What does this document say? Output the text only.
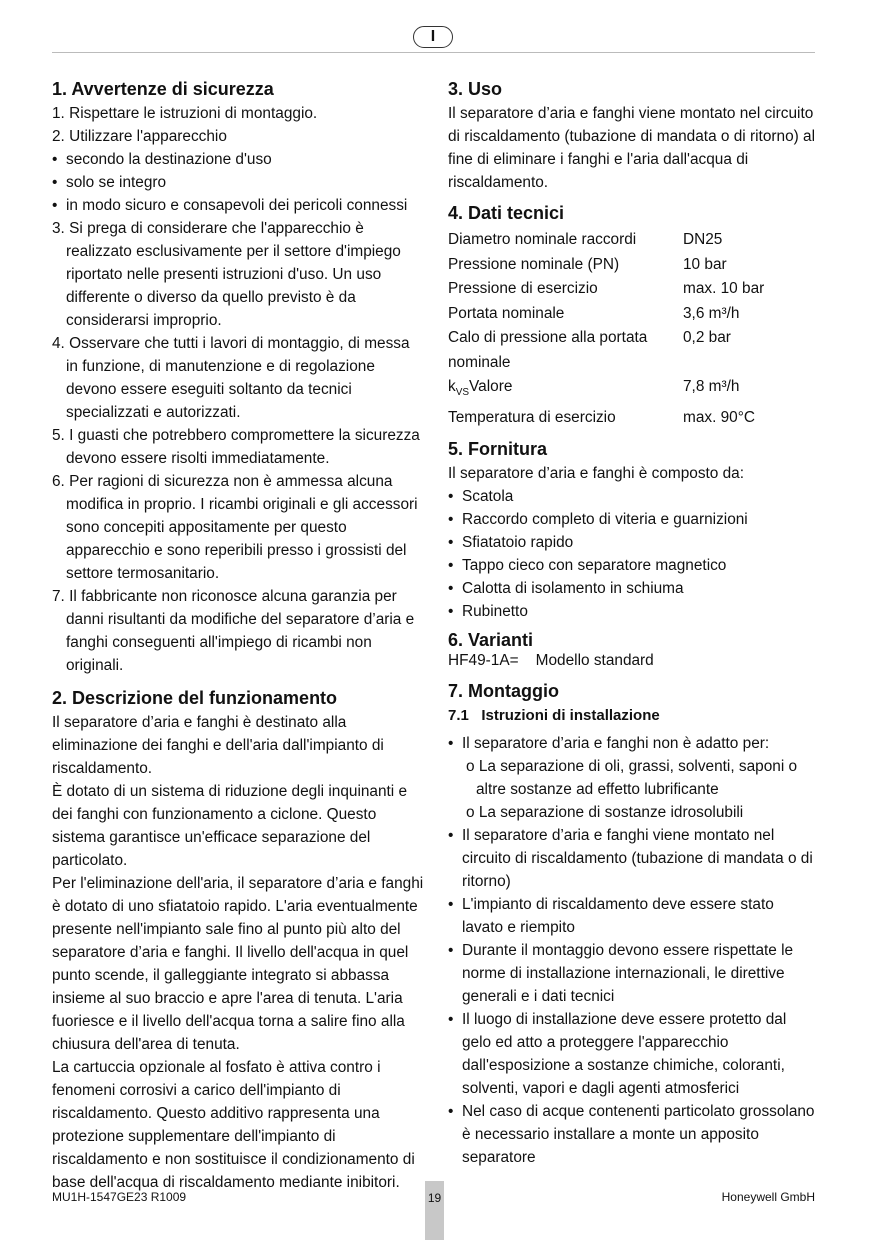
I
1. Avvertenze di sicurezza
1. Rispettare le istruzioni di montaggio.
2. Utilizzare l'apparecchio
• secondo la destinazione d'uso
• solo se integro
• in modo sicuro e consapevoli dei pericoli connessi
3. Si prega di considerare che l'apparecchio è realizzato esclusivamente per il settore d'impiego riportato nelle presenti istruzioni d'uso. Un uso differente o diverso da quello previsto è da considerarsi improprio.
4. Osservare che tutti i lavori di montaggio, di messa in funzione, di manutenzione e di regolazione devono essere eseguiti soltanto da tecnici specializzati e autorizzati.
5. I guasti che potrebbero compromettere la sicurezza devono essere risolti immediatamente.
6. Per ragioni di sicurezza non è ammessa alcuna modifica in proprio. I ricambi originali e gli accessori sono concepiti appositamente per questo apparecchio e sono reperibili presso i grossisti del settore termosanitario.
7. Il fabbricante non riconosce alcuna garanzia per danni risultanti da modifiche del separatore d’aria e fanghi conseguenti all'impiego di ricambi non originali.
2. Descrizione del funzionamento

Il separatore d’aria e fanghi è destinato alla eliminazione dei fanghi e dell'aria dall'impianto di riscaldamento.

È dotato di un sistema di riduzione degli inquinanti e dei fanghi con funzionamento a ciclone. Questo sistema garantisce un'efficace separazione del particolato.

Per l'eliminazione dell'aria, il separatore d’aria e fanghi è dotato di uno sfiatatoio rapido. L'aria eventualmente presente nell'impianto sale fino al punto più alto del separatore d’aria e fanghi. Il livello dell'acqua in quel punto scende, il galleggiante integrato si abbassa insieme al suo braccio e apre l'area di tenuta. L'aria fuoriesce e il livello dell'acqua torna a salire fino alla chiusura dell'area di tenuta.

La cartuccia opzionale al fosfato è attiva contro i fenomeni corrosivi a carico dell'impianto di riscaldamento. Questo additivo rappresenta una protezione supplementare dell'impianto di riscaldamento e non sostituisce il condizionamento di base dell'acqua di riscaldamento mediante inibitori.

3. Uso

Il separatore d’aria e fanghi viene montato nel circuito di riscaldamento (tubazione di mandata o di ritorno) al fine di eliminare i fanghi e l'aria dall'acqua di riscaldamento.

4. Dati tecnici
Diametro nominale raccordi	DN25
Pressione nominale (PN)	10 bar
Pressione di esercizio	max. 10 bar
Portata nominale	3,6 m³/h
Calo di pressione alla portata nominale	0,2 bar
$k_{VS}Valore$	7,8 m³/h
Temperatura di esercizio	max. 90°C
5. Fornitura

Il separatore d’aria e fanghi è composto da:

• Scatola
• Raccordo completo di viteria e guarnizioni
• Sfiatatoio rapido
• Tappo cieco con separatore magnetico
• Calotta di isolamento in schiuma
• Rubinetto
6. Varianti

HF49-1A=    Modello standard

7. Montaggio
7.1   Istruzioni di installazione
• Il separatore d’aria e fanghi non è adatto per:
o La separazione di oli, grassi, solventi, saponi o altre sostanze ad effetto lubrificante
o La separazione di sostanze idrosolubili
• Il separatore d’aria e fanghi viene montato nel circuito di riscaldamento (tubazione di mandata o di ritorno)
• L'impianto di riscaldamento deve essere stato lavato e riempito
• Durante il montaggio devono essere rispettate le norme di installazione internazionali, le direttive generali e i dati tecnici
• Il luogo di installazione deve essere protetto dal gelo ed atto a proteggere l'apparecchio dall'esposizione a sostanze chimiche, coloranti, solventi, vapori e dagli agenti atmosferici
• Nel caso di acque contenenti particolato grossolano è necessario installare a monte un apposito separatore
MU1H-1547GE23 R1009	19	Honeywell GmbH
